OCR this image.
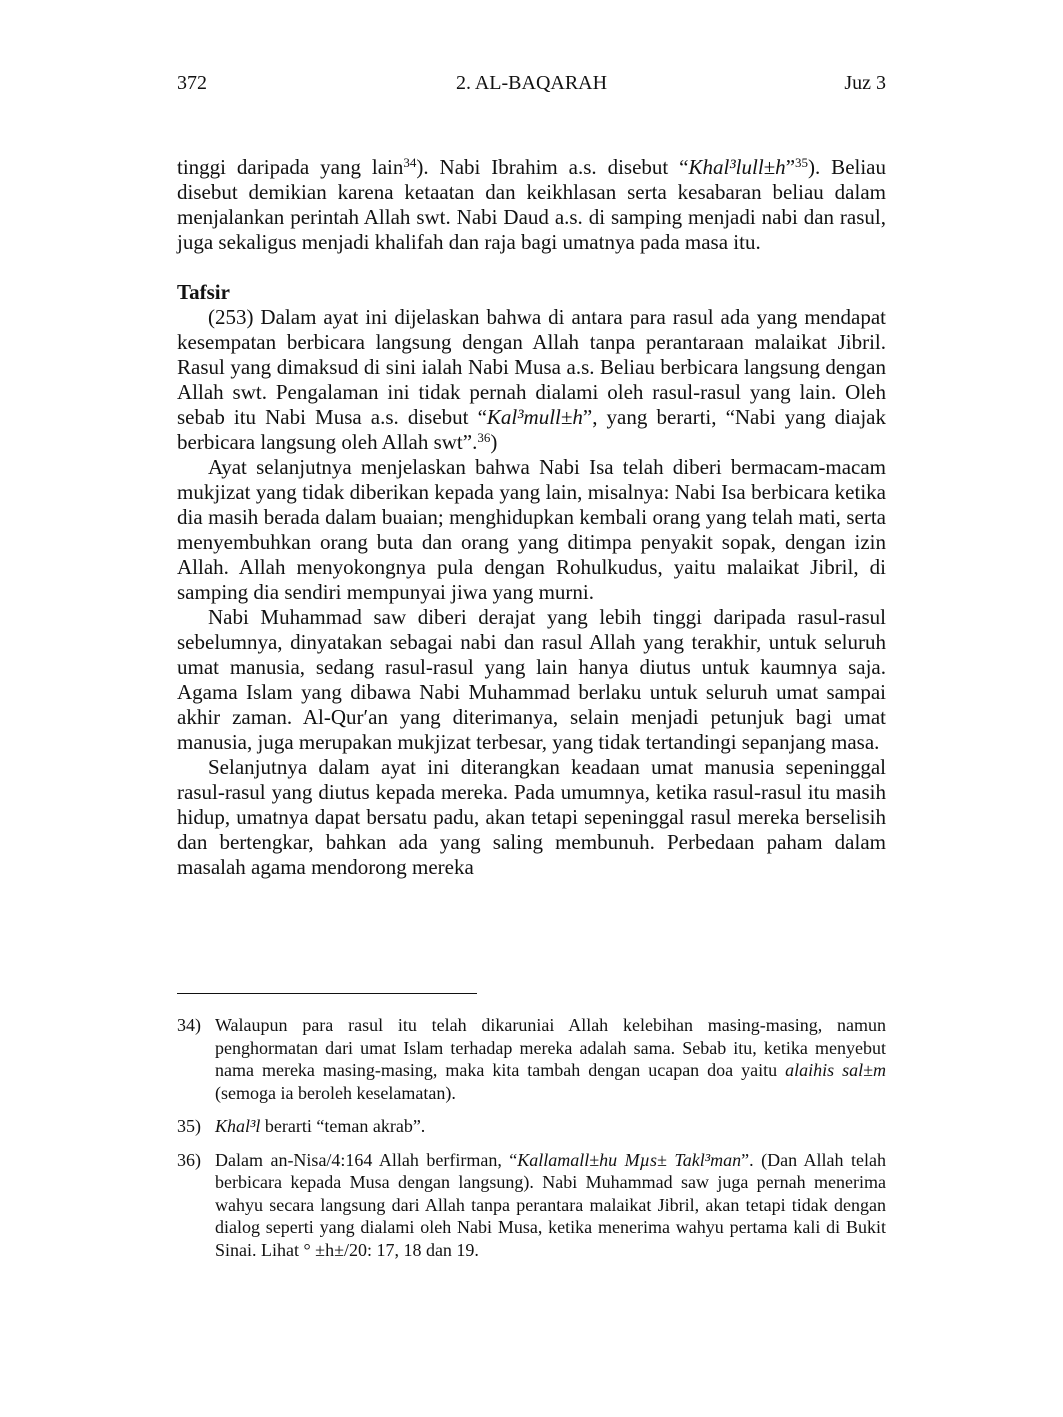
2. AL-BAQARAH
372	Juz 3

tinggi daripada yang lain$^{34}$). Nabi Ibrahim a.s. disebut “Khal³lull±h”$^{35}$). Beliau disebut demikian karena ketaatan dan keikhlasan serta kesabaran beliau dalam menjalankan perintah Allah swt. Nabi Daud a.s. di samping menjadi nabi dan rasul, juga sekaligus menjadi khalifah dan raja bagi umatnya pada masa itu.

Tafsir

(253) Dalam ayat ini dijelaskan bahwa di antara para rasul ada yang mendapat kesempatan berbicara langsung dengan Allah tanpa perantaraan malaikat Jibril. Rasul yang dimaksud di sini ialah Nabi Musa a.s. Beliau berbicara langsung dengan Allah swt. Pengalaman ini tidak pernah dialami oleh rasul-rasul yang lain. Oleh sebab itu Nabi Musa a.s. disebut “Kal³mull±h”, yang berarti, “Nabi yang diajak berbicara langsung oleh Allah swt”.$^{36}$)

Ayat selanjutnya menjelaskan bahwa Nabi Isa telah diberi bermacam-macam mukjizat yang tidak diberikan kepada yang lain, misalnya: Nabi Isa berbicara ketika dia masih berada dalam buaian; menghidupkan kembali orang yang telah mati, serta menyembuhkan orang buta dan orang yang ditimpa penyakit sopak, dengan izin Allah. Allah menyokongnya pula dengan Rohulkudus, yaitu malaikat Jibril, di samping dia sendiri mempunyai jiwa yang murni.

Nabi Muhammad saw diberi derajat yang lebih tinggi daripada rasul-rasul sebelumnya, dinyatakan sebagai nabi dan rasul Allah yang terakhir, untuk seluruh umat manusia, sedang rasul-rasul yang lain hanya diutus untuk kaumnya saja. Agama Islam yang dibawa Nabi Muhammad berlaku untuk seluruh umat sampai akhir zaman. Al-Qur′an yang diterimanya, selain menjadi petunjuk bagi umat manusia, juga merupakan mukjizat terbesar, yang tidak tertandingi sepanjang masa.

Selanjutnya dalam ayat ini diterangkan keadaan umat manusia sepeninggal rasul-rasul yang diutus kepada mereka. Pada umumnya, ketika rasul-rasul itu masih hidup, umatnya dapat bersatu padu, akan tetapi sepeninggal rasul mereka berselisih dan bertengkar, bahkan ada yang saling membunuh. Perbedaan paham dalam masalah agama mendorong mereka

34) Walaupun para rasul itu telah dikaruniai Allah kelebihan masing-masing, namun penghormatan dari umat Islam terhadap mereka adalah sama. Sebab itu, ketika menyebut nama mereka masing-masing, maka kita tambah dengan ucapan doa yaitu alaihis sal±m (semoga ia beroleh keselamatan).
35) Khal³l berarti “teman akrab”.
36) Dalam an-Nisa/4:164 Allah berfirman, “Kallamall±hu Mµs± Takl³man”. (Dan Allah telah berbicara kepada Musa dengan langsung). Nabi Muhammad saw juga pernah menerima wahyu secara langsung dari Allah tanpa perantara malaikat Jibril, akan tetapi tidak dengan dialog seperti yang dialami oleh Nabi Musa, ketika menerima wahyu pertama kali di Bukit Sinai. Lihat ° ±h±/20: 17, 18 dan 19.
